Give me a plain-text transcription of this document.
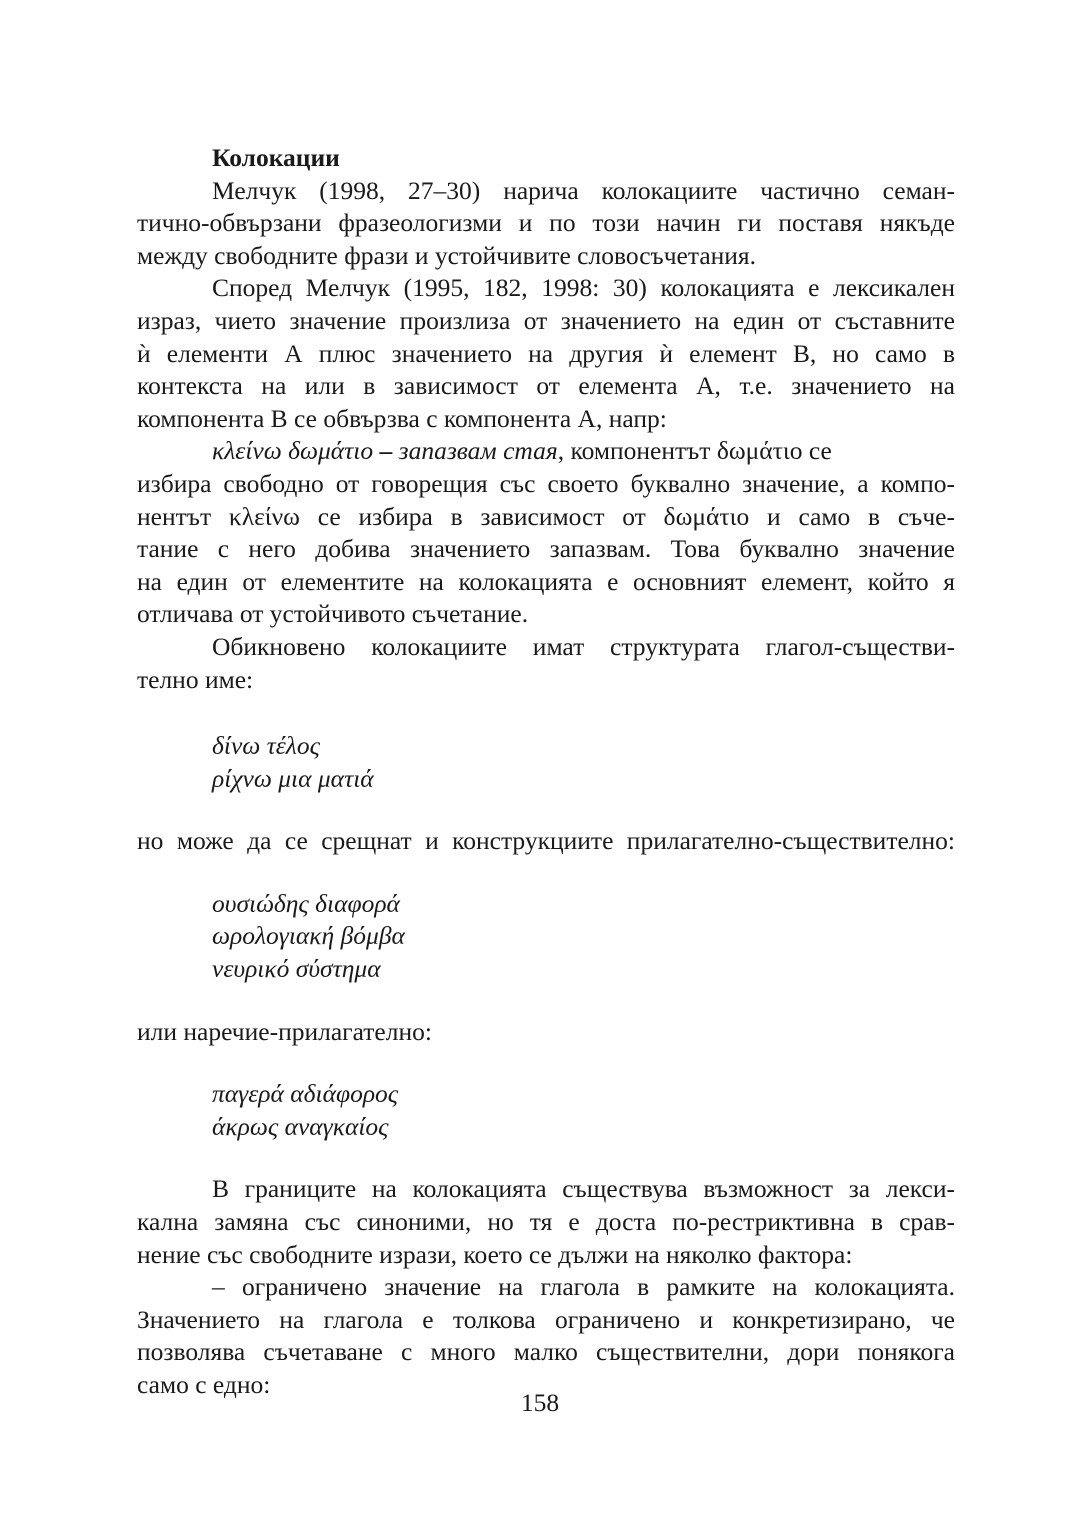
Колокации
Мелчук (1998, 27–30) нарича колокациите частично семан-
тично-обвързани фразеологизми и по този начин ги поставя някъде
между свободните фрази и устойчивите словосъчетания.
Според Мелчук (1995, 182, 1998: 30) колокацията е лексикален
израз, чието значение произлиза от значението на един от съставните
ѝ елементи А плюс значението на другия ѝ елемент В, но само в
контекста на или в зависимост от елемента А, т.е. значението на
компонента В се обвързва с компонента А, напр:
κλείνω δωμάτιο – запазвам стая, компонентът δωμάτιο се
избира свободно от говорещия със своето буквално значение, а компо-
нентът κλείνω се избира в зависимост от δωμάτιο и само в съче-
тание с него добива значението запазвам. Това буквално значение
на един от елементите на колокацията е основният елемент, който я
отличава от устойчивото съчетание.
Обикновено колокациите имат структурата глагол-съществи-
телно име:
δίνω τέλος
ρίχνω μια ματιά
но може да се срещнат и конструкциите прилагателно-съществително:
ουσιώδης διαφορά
ωρολογιακή βόμβα
νευρικό σύστημα
или наречие-прилагателно:
παγερά αδιάφορος
άκρως αναγκαίος
В границите на колокацията съществува възможност за лекси-
кална замяна със синоними, но тя е доста по-рестриктивна в срав-
нение със свободните изрази, което се дължи на няколко фактора:
– ограничено значение на глагола в рамките на колокацията.
Значението на глагола е толкова ограничено и конкретизирано, че
позволява съчетаване с много малко съществителни, дори понякога
само с едно:
158
